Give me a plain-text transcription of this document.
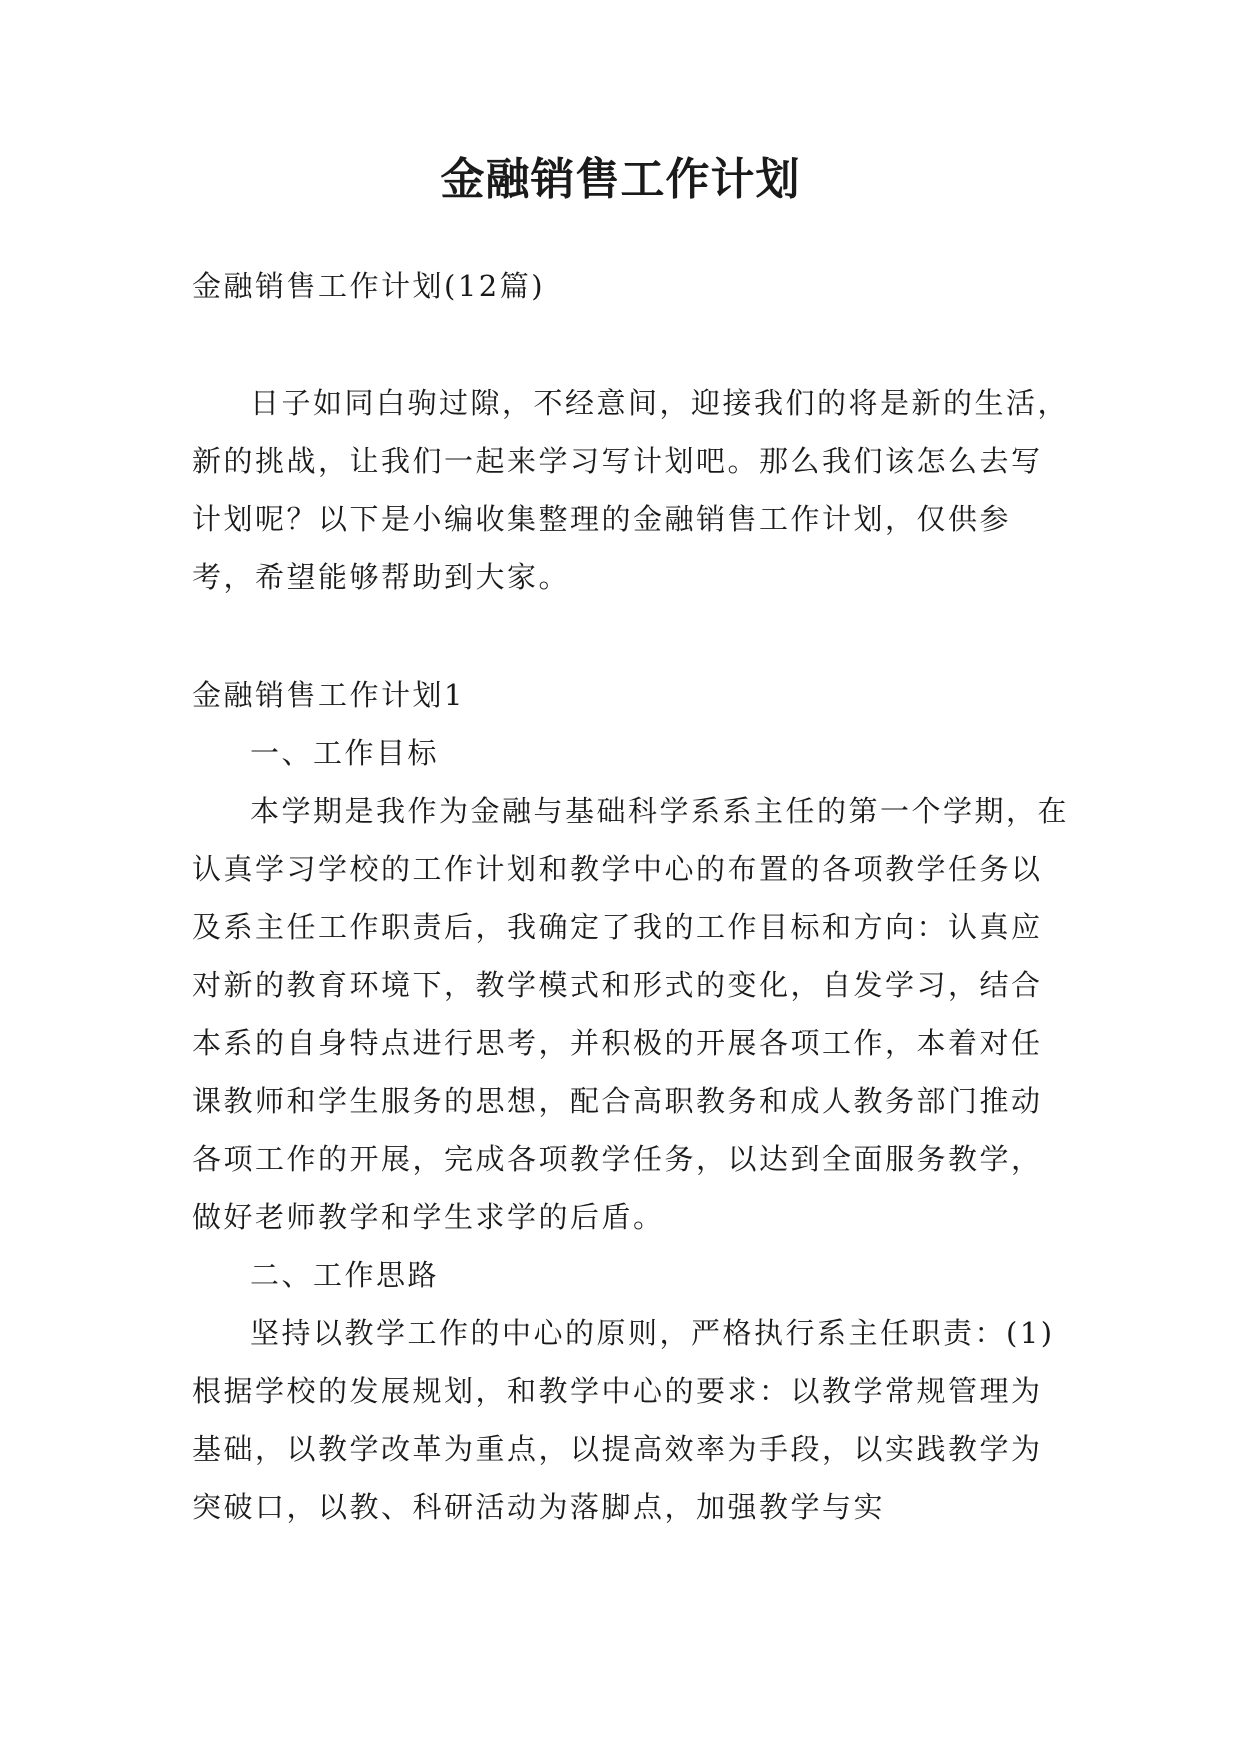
金融销售工作计划

金融销售工作计划(12篇)

日子如同白驹过隙，不经意间，迎接我们的将是新的生活，新的挑战，让我们一起来学习写计划吧。那么我们该怎么去写计划呢？以下是小编收集整理的金融销售工作计划，仅供参考，希望能够帮助到大家。

金融销售工作计划1

一、工作目标

本学期是我作为金融与基础科学系系主任的第一个学期，在认真学习学校的工作计划和教学中心的布置的各项教学任务以及系主任工作职责后，我确定了我的工作目标和方向：认真应对新的教育环境下，教学模式和形式的变化，自发学习，结合本系的自身特点进行思考，并积极的开展各项工作，本着对任课教师和学生服务的思想，配合高职教务和成人教务部门推动各项工作的开展，完成各项教学任务，以达到全面服务教学，做好老师教学和学生求学的后盾。

二、工作思路

坚持以教学工作的中心的原则，严格执行系主任职责：(1)根据学校的发展规划，和教学中心的要求：以教学常规管理为基础，以教学改革为重点，以提高效率为手段，以实践教学为突破口，以教、科研活动为落脚点，加强教学与实
